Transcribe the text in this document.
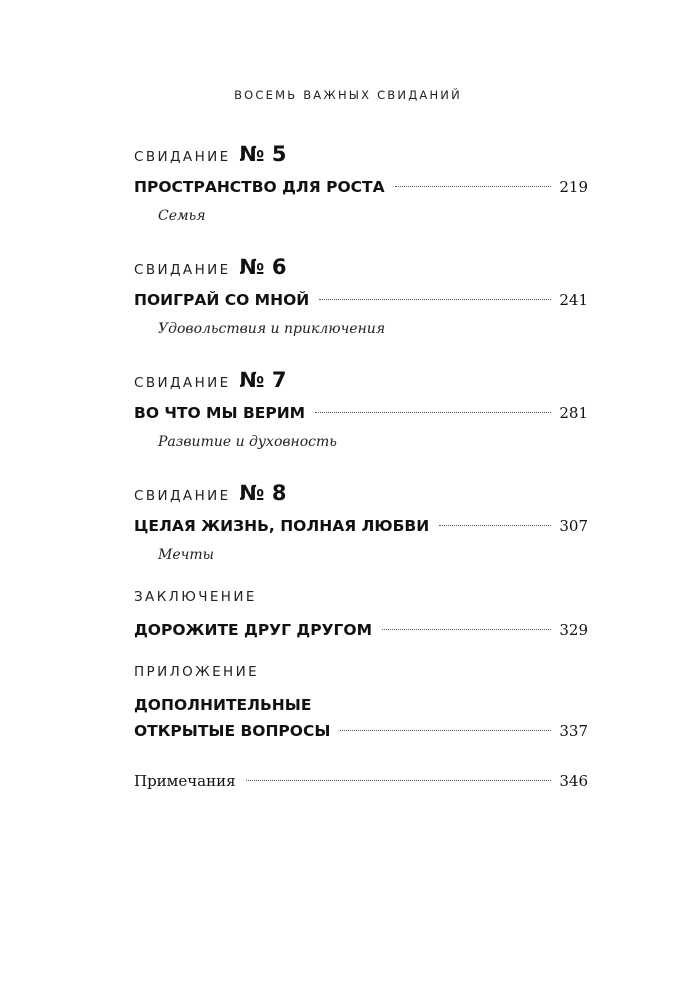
ВОСЕМЬ ВАЖНЫХ СВИДАНИЙ
СВИДАНИЕ № 5
ПРОСТРАНСТВО ДЛЯ РОСТА	219
Семья
СВИДАНИЕ № 6
ПОИГРАЙ СО МНОЙ	241
Удовольствия и приключения
СВИДАНИЕ № 7
ВО ЧТО МЫ ВЕРИМ	281
Развитие и духовность
СВИДАНИЕ № 8
ЦЕЛАЯ ЖИЗНЬ, ПОЛНАЯ ЛЮБВИ	307
Мечты
ЗАКЛЮЧЕНИЕ
ДОРОЖИТЕ ДРУГ ДРУГОМ	329
ПРИЛОЖЕНИЕ
ДОПОЛНИТЕЛЬНЫЕ
ОТКРЫТЫЕ ВОПРОСЫ	337
Примечания	346
